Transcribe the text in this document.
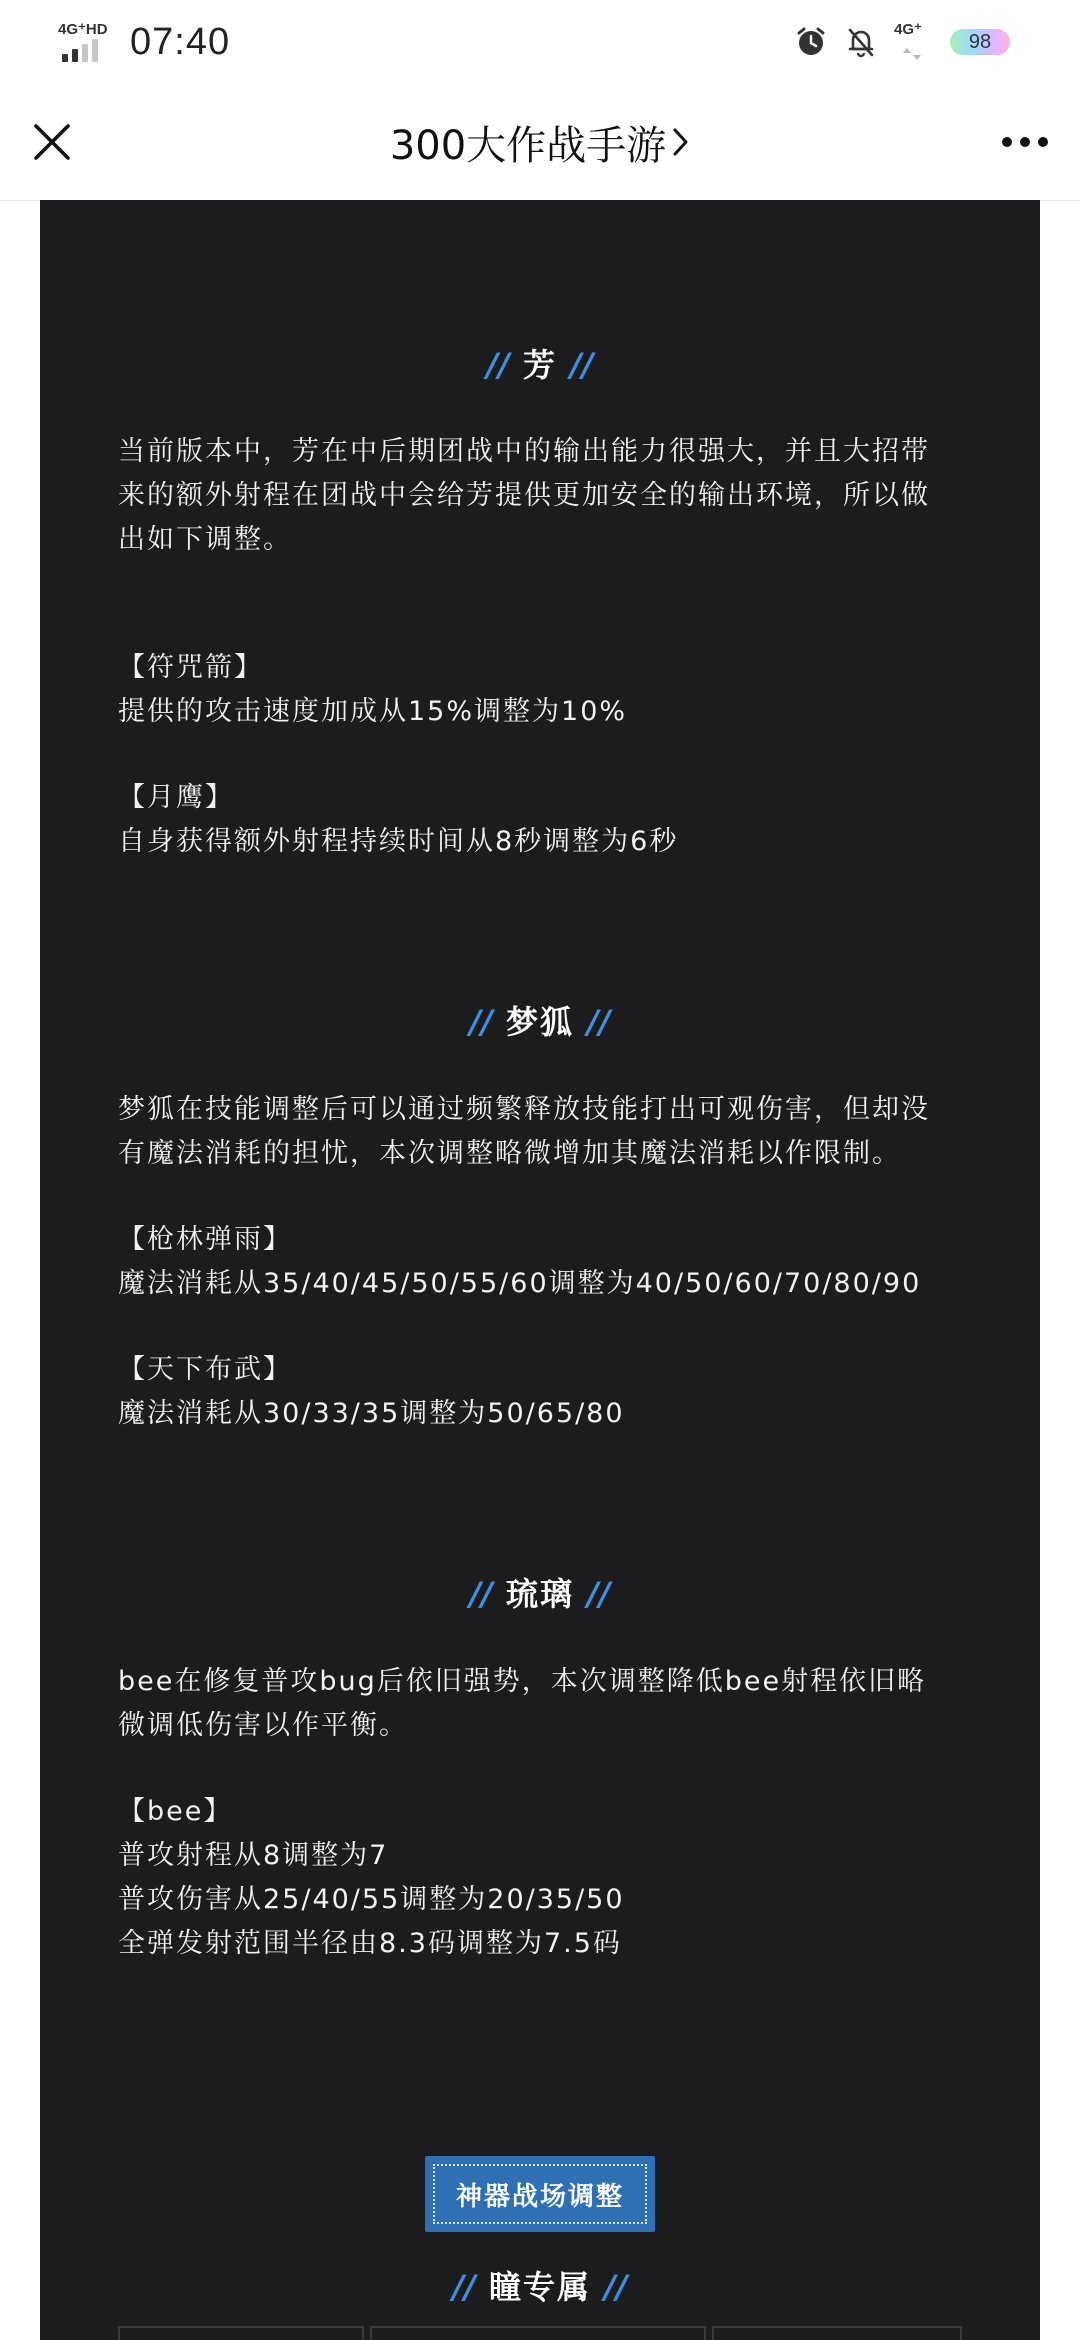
4G⁺HD 07:40	4G⁺
98
300大作战手游
// 芳 //

当前版本中，芳在中后期团战中的输出能力很强大，并且大招带

来的额外射程在团战中会给芳提供更加安全的输出环境，所以做

出如下调整。

【符咒箭】

提供的攻击速度加成从15%调整为10%

【月鹰】

自身获得额外射程持续时间从8秒调整为6秒

// 梦狐 //

梦狐在技能调整后可以通过频繁释放技能打出可观伤害，但却没

有魔法消耗的担忧，本次调整略微增加其魔法消耗以作限制。

【枪林弹雨】

魔法消耗从35/40/45/50/55/60调整为40/50/60/70/80/90

【天下布武】

魔法消耗从30/33/35调整为50/65/80

// 琉璃 //

bee在修复普攻bug后依旧强势，本次调整降低bee射程依旧略

微调低伤害以作平衡。

【bee】

普攻射程从8调整为7

普攻伤害从25/40/55调整为20/35/50

全弹发射范围半径由8.3码调整为7.5码

神器战场调整
// 瞳专属 //
